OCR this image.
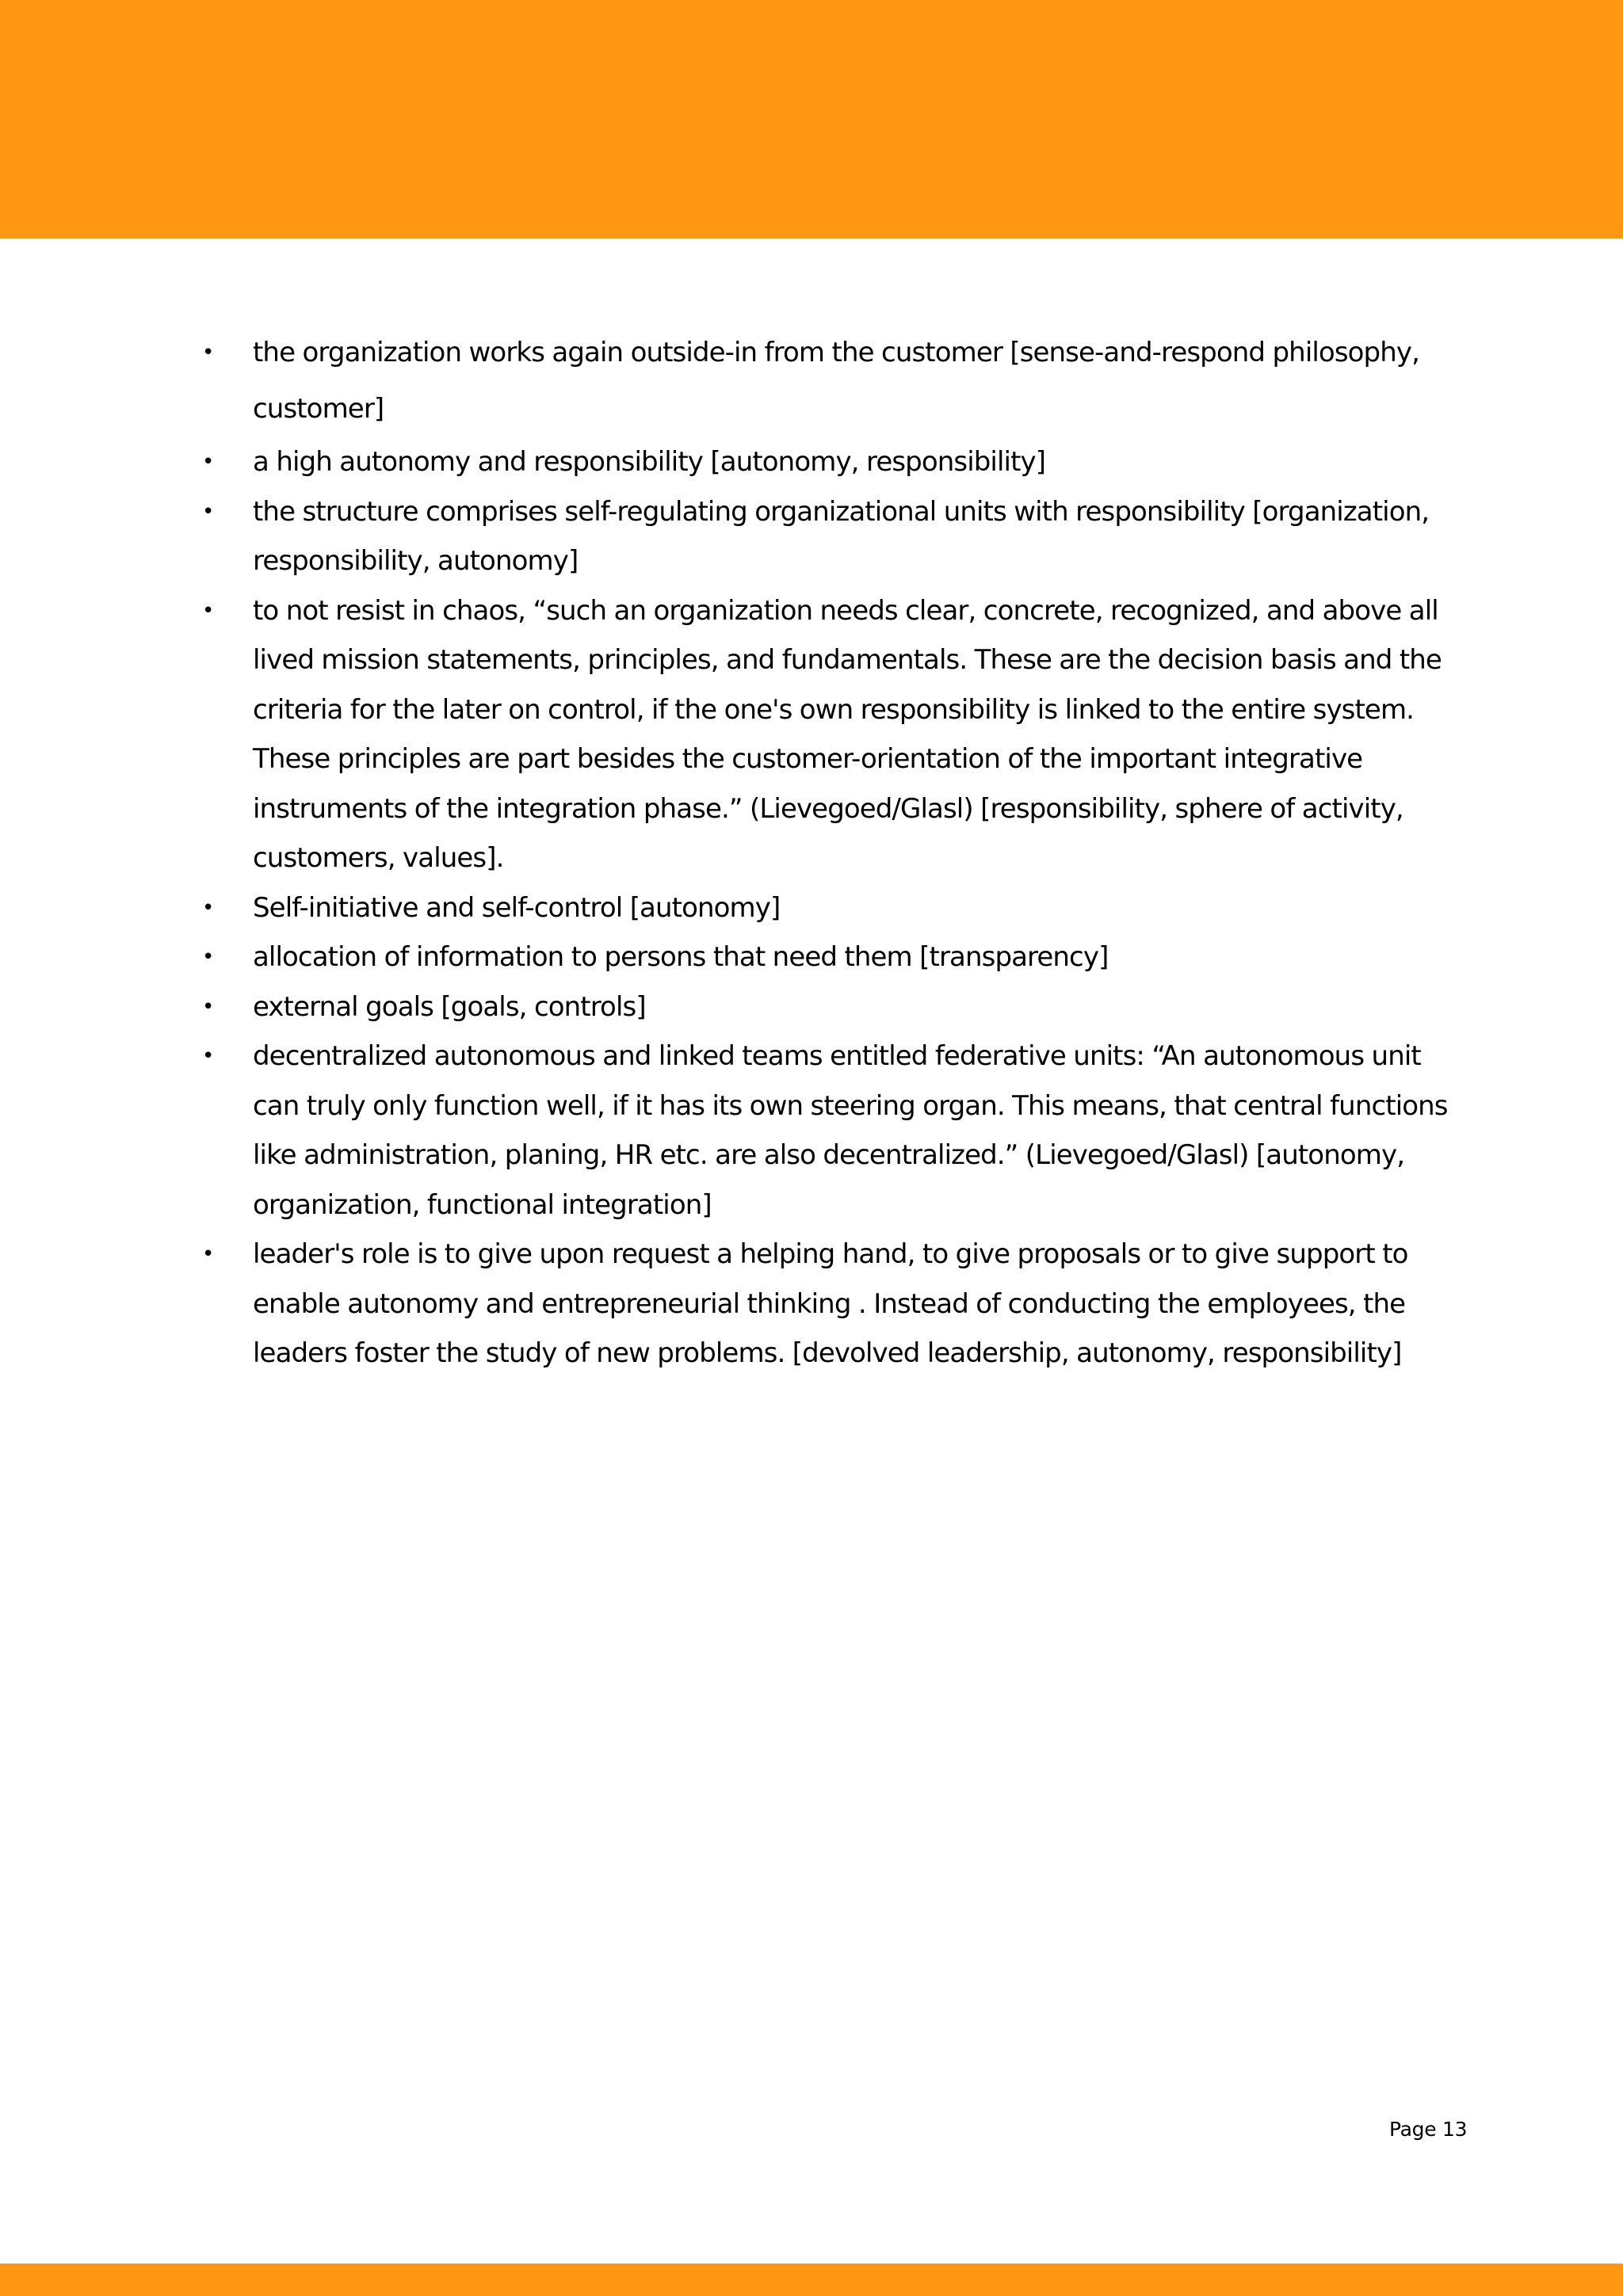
• the organization works again outside-in from the customer [sense-and-respond philosophy, customer]
• a high autonomy and responsibility [autonomy, responsibility]
• the structure comprises self-regulating organizational units with responsibility [organization, responsibility, autonomy]
• to not resist in chaos, “such an organization needs clear, concrete, recognized, and above all lived mission statements, principles, and fundamentals. These are the decision basis and the criteria for the later on control, if the one's own responsibility is linked to the entire system. These principles are part besides the customer-orientation of the important integrative instruments of the integration phase.” (Lievegoed/Glasl) [responsibility, sphere of activity, customers, values].
• Self-initiative and self-control [autonomy]
• allocation of information to persons that need them [transparency]
• external goals [goals, controls]
• decentralized autonomous and linked teams entitled federative units: “An autonomous unit can truly only function well, if it has its own steering organ. This means, that central functions like administration, planing, HR etc. are also decentralized.” (Lievegoed/Glasl) [autonomy, organization, functional integration]
• leader's role is to give upon request a helping hand, to give proposals or to give support to enable autonomy and entrepreneurial thinking . Instead of conducting the employees, the leaders foster the study of new problems. [devolved leadership, autonomy, responsibility]
Page 13
